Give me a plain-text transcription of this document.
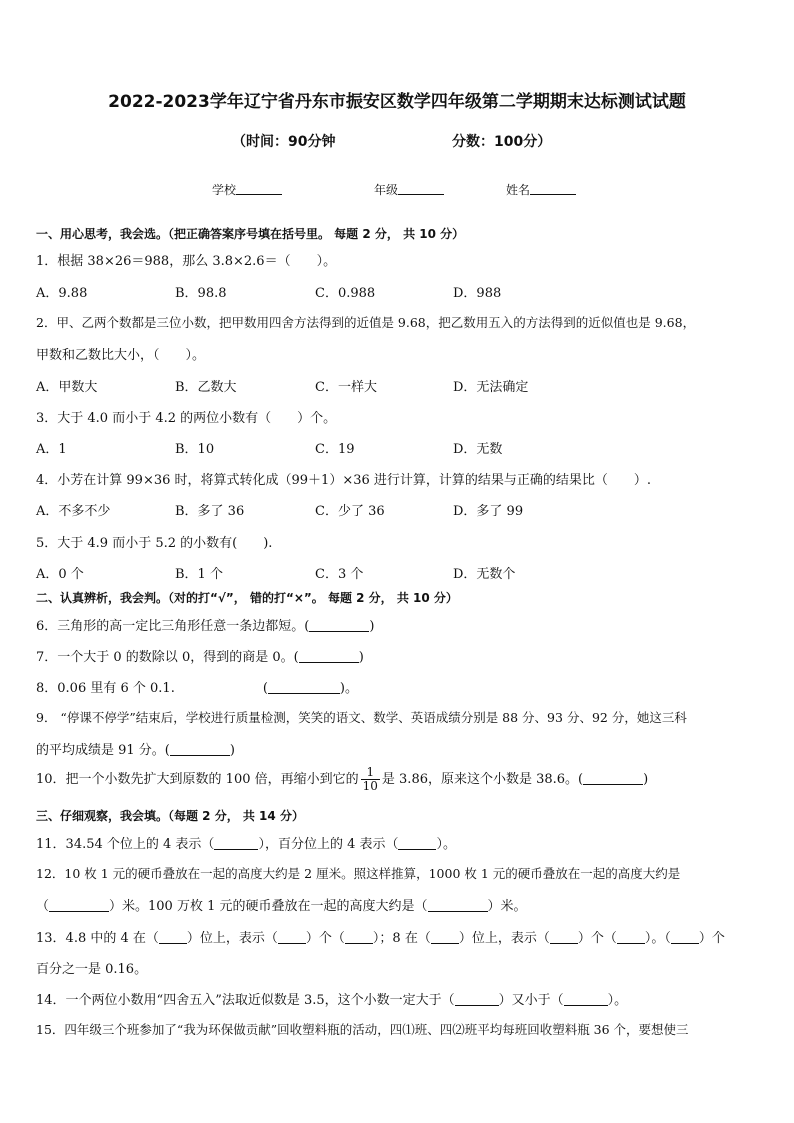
2022-2023学年辽宁省丹东市振安区数学四年级第二学期期末达标测试试题
（时间：90分钟	分数：100分）
学校	年级	姓名
一、用心思考，我会选。（把正确答案序号填在括号里。 每题 2 分， 共 10 分）
1．根据 38×26＝988，那么 3.8×2.6＝（　　）。
A．9.88	B．98.8	C．0.988	D．988
2．甲、乙两个数都是三位小数，把甲数用四舍方法得到的近值是 9.68，把乙数用五入的方法得到的近似值也是 9.68，
甲数和乙数比大小，（　　）。
A．甲数大	B．乙数大	C．一样大	D．无法确定
3．大于 4.0 而小于 4.2 的两位小数有（　　）个。
A．1	B．10	C．19	D．无数
4．小芳在计算 99×36 时，将算式转化成（99＋1）×36 进行计算，计算的结果与正确的结果比（　　）.
A．不多不少	B．多了 36	C．少了 36	D．多了 99
5．大于 4.9 而小于 5.2 的小数有(　　).
A．0 个	B．1 个	C．3 个	D．无数个
二、认真辨析，我会判。（对的打“√”， 错的打“×”。 每题 2 分， 共 10 分）
6．三角形的高一定比三角形任意一条边都短。(	)
7．一个大于 0 的数除以 0，得到的商是 0。(	)
8．0.06 里有 6 个 0.1.	(	)。
9． “停课不停学”结束后，学校进行质量检测，笑笑的语文、数学、英语成绩分别是 88 分、93 分、92 分，她这三科
的平均成绩是 91 分。(	)
10．把一个小数先扩大到原数的 100 倍，再缩小到它的 $\frac{1}{10}$ 是 3.86，原来这个小数是 38.6。(	)
三、仔细观察，我会填。（每题 2 分， 共 14 分）
11．34.54 个位上的 4 表示（	），百分位上的 4 表示（	）。
12．10 枚 1 元的硬币叠放在一起的高度大约是 2 厘米。照这样推算，1000 枚 1 元的硬币叠放在一起的高度大约是
（	）米。100 万枚 1 元的硬币叠放在一起的高度大约是（	）米。
13．4.8 中的 4 在（ ）位上，表示（ ）个（ ）；8 在（ ）位上，表示（ ）个（ ）。（ ）个
百分之一是 0.16。
14．一个两位小数用“四舍五入”法取近似数是 3.5，这个小数一定大于（	）又小于（	）。
15．四年级三个班参加了“我为环保做贡献”回收塑料瓶的活动，四⑴班、四⑵班平均每班回收塑料瓶 36 个，要想使三
